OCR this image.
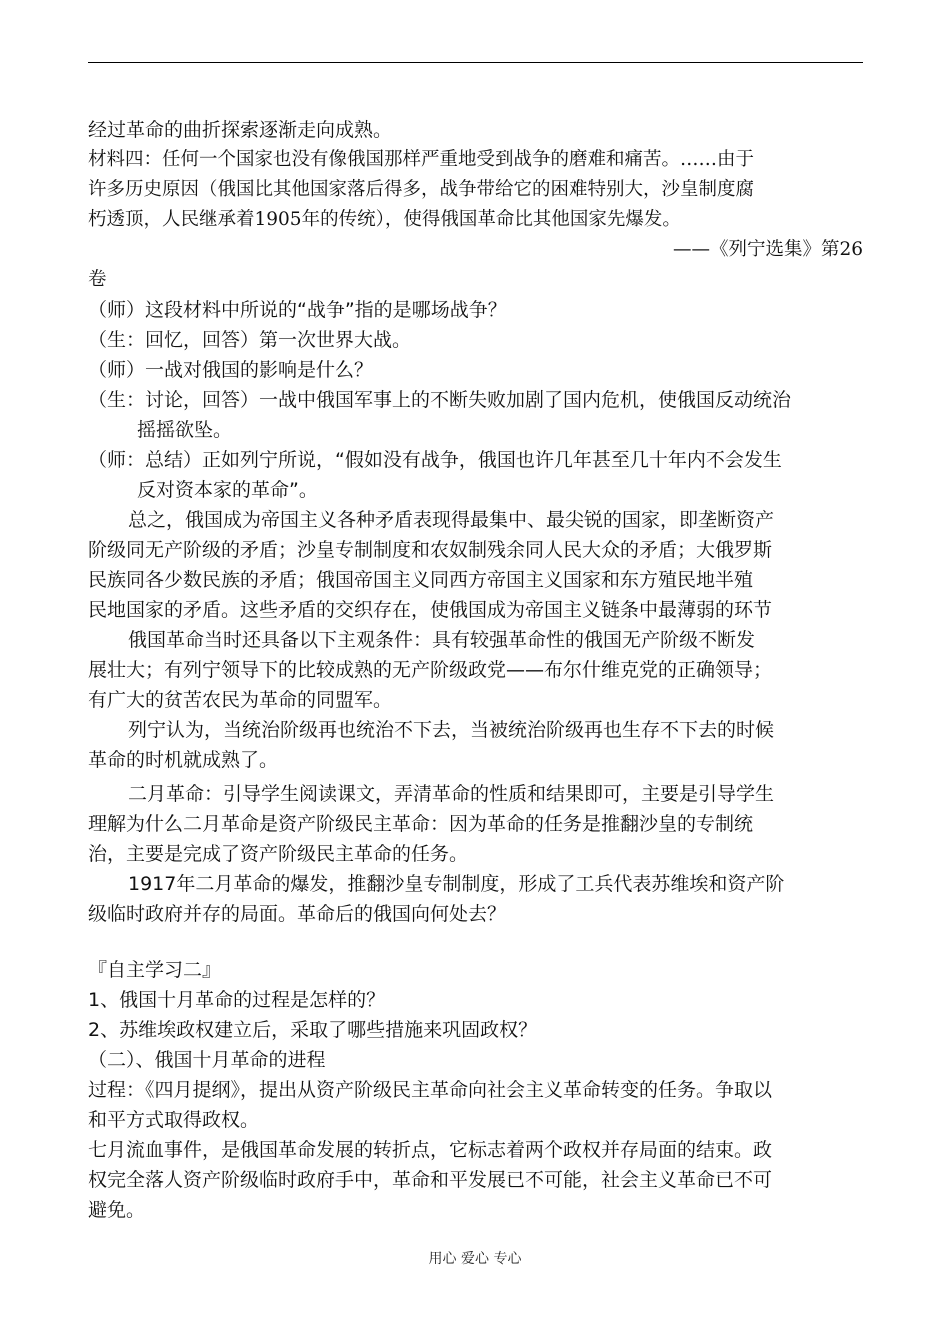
经过革命的曲折探索逐渐走向成熟。
材料四：任何一个国家也没有像俄国那样严重地受到战争的磨难和痛苦。……由于
许多历史原因（俄国比其他国家落后得多，战争带给它的困难特别大，沙皇制度腐
朽透顶，人民继承着1905年的传统），使得俄国革命比其他国家先爆发。
——《列宁选集》第26
卷
（师）这段材料中所说的“战争”指的是哪场战争？
（生：回忆，回答）第一次世界大战。
（师）一战对俄国的影响是什么？
（生：讨论，回答）一战中俄国军事上的不断失败加剧了国内危机，使俄国反动统治
摇摇欲坠。
（师：总结）正如列宁所说，“假如没有战争，俄国也许几年甚至几十年内不会发生
反对资本家的革命”。
总之，俄国成为帝国主义各种矛盾表现得最集中、最尖锐的国家，即垄断资产
阶级同无产阶级的矛盾；沙皇专制制度和农奴制残余同人民大众的矛盾；大俄罗斯
民族同各少数民族的矛盾；俄国帝国主义同西方帝国主义国家和东方殖民地半殖
民地国家的矛盾。这些矛盾的交织存在，使俄国成为帝国主义链条中最薄弱的环节
俄国革命当时还具备以下主观条件：具有较强革命性的俄国无产阶级不断发
展壮大；有列宁领导下的比较成熟的无产阶级政党——布尔什维克党的正确领导；
有广大的贫苦农民为革命的同盟军。
列宁认为，当统治阶级再也统治不下去，当被统治阶级再也生存不下去的时候
革命的时机就成熟了。
二月革命：引导学生阅读课文，弄清革命的性质和结果即可，主要是引导学生
理解为什么二月革命是资产阶级民主革命：因为革命的任务是推翻沙皇的专制统
治，主要是完成了资产阶级民主革命的任务。
1917年二月革命的爆发，推翻沙皇专制制度，形成了工兵代表苏维埃和资产阶
级临时政府并存的局面。革命后的俄国向何处去？
『自主学习二』
1、俄国十月革命的过程是怎样的？
2、苏维埃政权建立后，采取了哪些措施来巩固政权？
（二）、俄国十月革命的进程
过程：《四月提纲》，提出从资产阶级民主革命向社会主义革命转变的任务。争取以
和平方式取得政权。
七月流血事件，是俄国革命发展的转折点，它标志着两个政权并存局面的结束。政
权完全落人资产阶级临时政府手中，革命和平发展已不可能，社会主义革命已不可
避免。
用心 爱心 专心
